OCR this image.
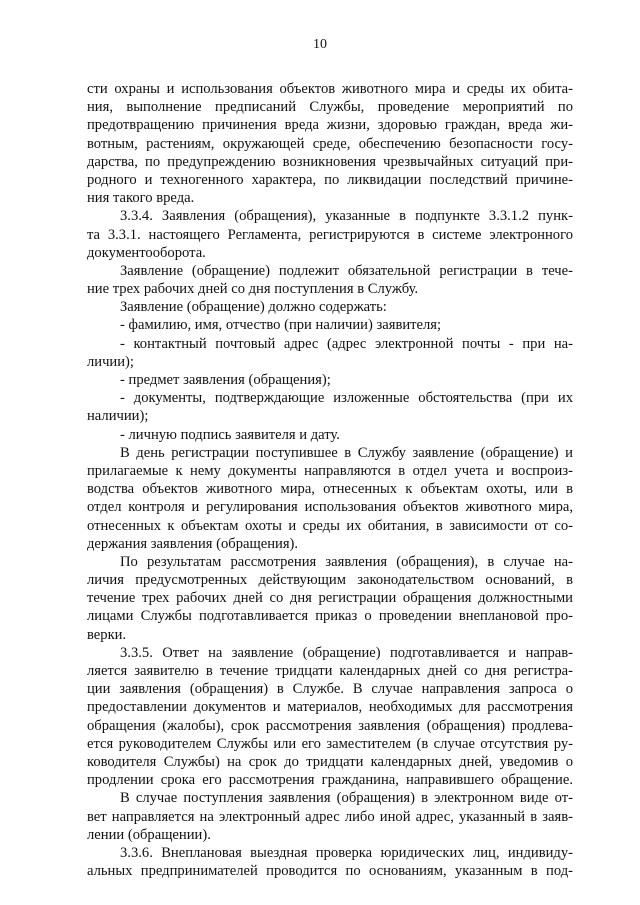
10
сти охраны и использования объектов животного мира и среды их обита-
ния, выполнение предписаний Службы, проведение мероприятий по
предотвращению причинения вреда жизни, здоровью граждан, вреда жи-
вотным, растениям, окружающей среде, обеспечению безопасности госу-
дарства, по предупреждению возникновения чрезвычайных ситуаций при-
родного и техногенного характера, по ликвидации последствий причине-
ния такого вреда.
3.3.4. Заявления (обращения), указанные в подпункте 3.3.1.2 пунк-
та 3.3.1. настоящего Регламента, регистрируются в системе электронного
документооборота.
Заявление (обращение) подлежит обязательной регистрации в тече-
ние трех рабочих дней со дня поступления в Службу.
Заявление (обращение) должно содержать:
- фамилию, имя, отчество (при наличии) заявителя;
- контактный почтовый адрес (адрес электронной почты - при на-
личии);
- предмет заявления (обращения);
- документы, подтверждающие изложенные обстоятельства (при их
наличии);
- личную подпись заявителя и дату.
В день регистрации поступившее в Службу заявление (обращение) и
прилагаемые к нему документы направляются в отдел учета и воспроиз-
водства объектов животного мира, отнесенных к объектам охоты, или в
отдел контроля и регулирования использования объектов животного мира,
отнесенных к объектам охоты и среды их обитания, в зависимости от со-
держания заявления (обращения).
По результатам рассмотрения заявления (обращения), в случае на-
личия предусмотренных действующим законодательством оснований, в
течение трех рабочих дней со дня регистрации обращения должностными
лицами Службы подготавливается приказ о проведении внеплановой про-
верки.
3.3.5. Ответ на заявление (обращение) подготавливается и направ-
ляется заявителю в течение тридцати календарных дней со дня регистра-
ции заявления (обращения) в Службе. В случае направления запроса о
предоставлении документов и материалов, необходимых для рассмотрения
обращения (жалобы), срок рассмотрения заявления (обращения) продлева-
ется руководителем Службы или его заместителем (в случае отсутствия ру-
ководителя Службы) на срок до тридцати календарных дней, уведомив о
продлении срока его рассмотрения гражданина, направившего обращение.
В случае поступления заявления (обращения) в электронном виде от-
вет направляется на электронный адрес либо иной адрес, указанный в заяв-
лении (обращении).
3.3.6. Внеплановая выездная проверка юридических лиц, индивиду-
альных предпринимателей проводится по основаниям, указанным в под-
